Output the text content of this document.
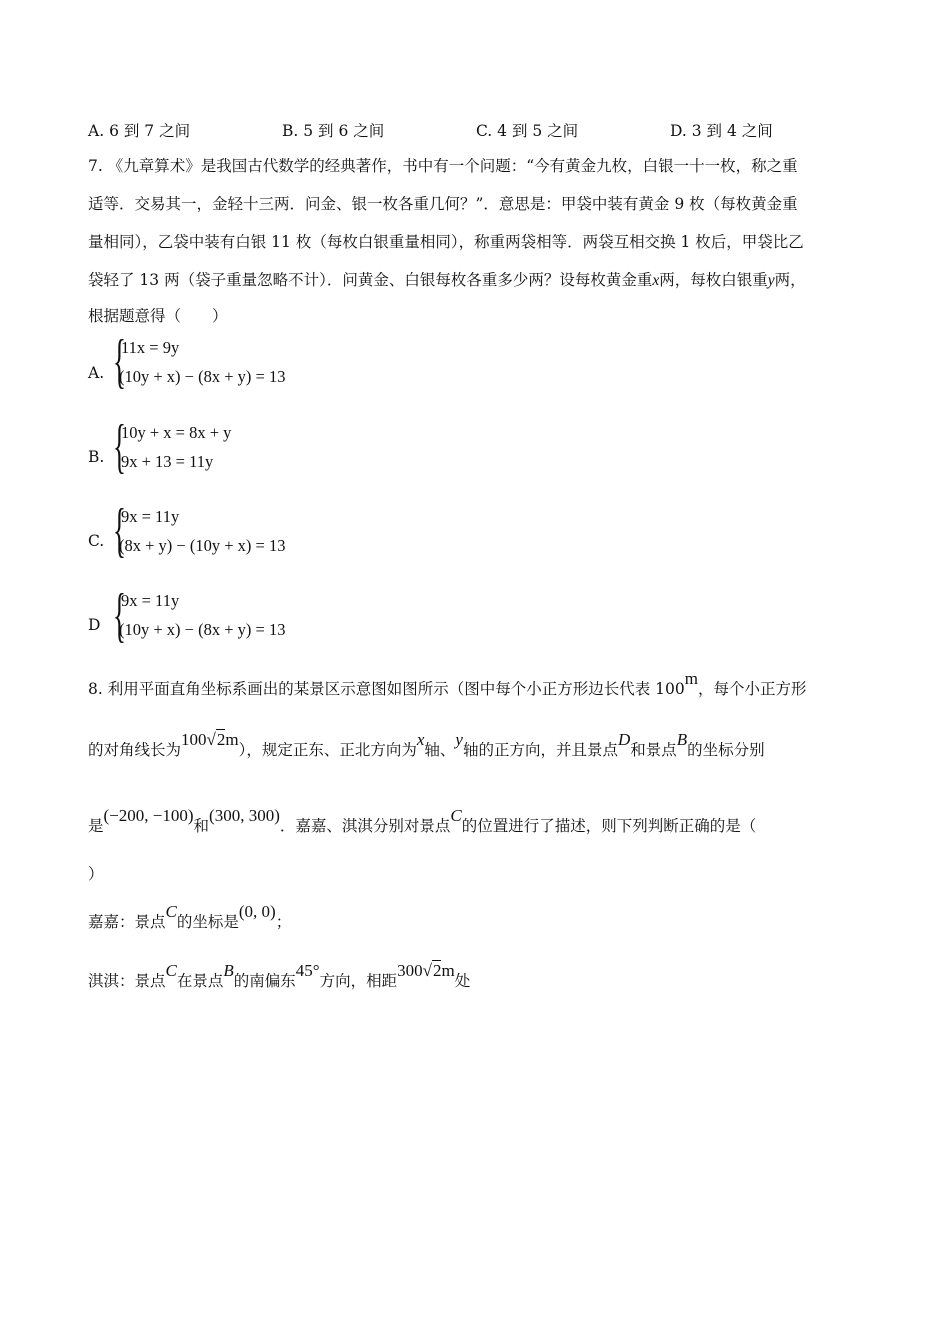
A. 6 到 7 之间	B. 5 到 6 之间	C. 4 到 5 之间	D. 3 到 4 之间
7. 《九章算术》是我国古代数学的经典著作，书中有一个问题：“今有黄金九枚，白银一十一枚，称之重
适等．交易其一，金轻十三两．问金、银一枚各重几何？”．意思是：甲袋中装有黄金 9 枚（每枚黄金重
量相同），乙袋中装有白银 11 枚（每枚白银重量相同），称重两袋相等．两袋互相交换 1 枚后，甲袋比乙
袋轻了 13 两（袋子重量忽略不计）．问黄金、白银每枚各重多少两？设每枚黄金重x两，每枚白银重y两，
根据题意得（　　）
A. {
11x = 9y
(10y + x) − (8x + y) = 13
B. {
10y + x = 8x + y
9x + 13 = 11y
C. {
9x = 11y
(8x + y) − (10y + x) = 13
D {
9x = 11y
(10y + x) − (8x + y) = 13
8. 利用平面直角坐标系画出的某景区示意图如图所示（图中每个小正方形边长代表 100m，每个小正方形
的对角线长为100√2m），规定正东、正北方向为x轴、y轴的正方向，并且景点D和景点B的坐标分别
是(−200, −100)和(300, 300)．嘉嘉、淇淇分别对景点C的位置进行了描述，则下列判断正确的是（
）
嘉嘉：景点C的坐标是(0, 0)；
淇淇：景点C在景点B的南偏东45°方向，相距300√2m处
